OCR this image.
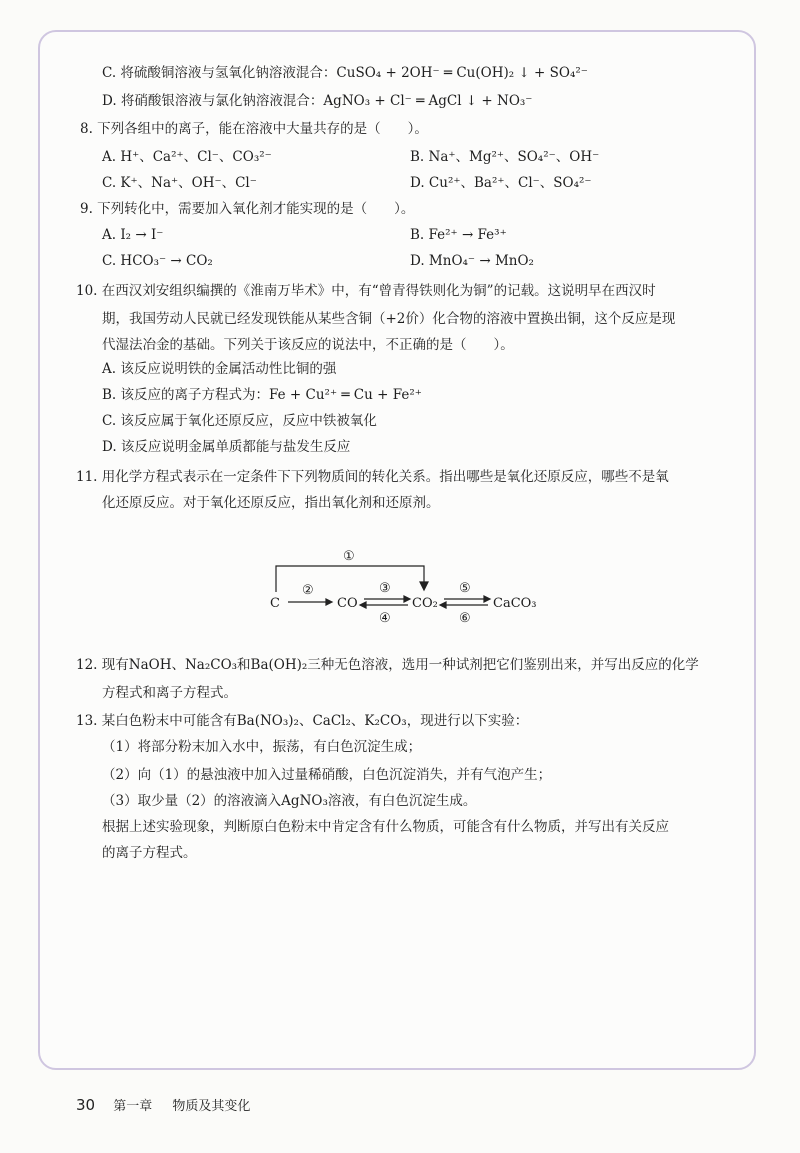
C. 将硫酸铜溶液与氢氧化钠溶液混合：CuSO₄ + 2OH⁻ ═ Cu(OH)₂ ↓ + SO₄²⁻
D. 将硝酸银溶液与氯化钠溶液混合：AgNO₃ + Cl⁻ ═ AgCl ↓ + NO₃⁻
8. 下列各组中的离子，能在溶液中大量共存的是（　　）。
A. H⁺、Ca²⁺、Cl⁻、CO₃²⁻	B. Na⁺、Mg²⁺、SO₄²⁻、OH⁻
C. K⁺、Na⁺、OH⁻、Cl⁻	D. Cu²⁺、Ba²⁺、Cl⁻、SO₄²⁻
9. 下列转化中，需要加入氧化剂才能实现的是（　　）。
A. I₂ → I⁻	B. Fe²⁺ → Fe³⁺
C. HCO₃⁻ → CO₂	D. MnO₄⁻ → MnO₂
10. 在西汉刘安组织编撰的《淮南万毕术》中，有“曾青得铁则化为铜”的记载。这说明早在西汉时
期，我国劳动人民就已经发现铁能从某些含铜（+2价）化合物的溶液中置换出铜，这个反应是现
代湿法冶金的基础。下列关于该反应的说法中，不正确的是（　　）。
A. 该反应说明铁的金属活动性比铜的强
B. 该反应的离子方程式为：Fe + Cu²⁺ ═ Cu + Fe²⁺
C. 该反应属于氧化还原反应，反应中铁被氧化
D. 该反应说明金属单质都能与盐发生反应
11. 用化学方程式表示在一定条件下下列物质间的转化关系。指出哪些是氧化还原反应，哪些不是氧
化还原反应。对于氧化还原反应，指出氧化剂和还原剂。
C	CO	CO₂	CaCO₃
①
②	③
④
⑤
⑥
12. 现有NaOH、Na₂CO₃和Ba(OH)₂三种无色溶液，选用一种试剂把它们鉴别出来，并写出反应的化学
方程式和离子方程式。
13. 某白色粉末中可能含有Ba(NO₃)₂、CaCl₂、K₂CO₃，现进行以下实验：
（1）将部分粉末加入水中，振荡，有白色沉淀生成；
（2）向（1）的悬浊液中加入过量稀硝酸，白色沉淀消失，并有气泡产生；
（3）取少量（2）的溶液滴入AgNO₃溶液，有白色沉淀生成。
根据上述实验现象，判断原白色粉末中肯定含有什么物质，可能含有什么物质，并写出有关反应
的离子方程式。
30 第一章 物质及其变化
